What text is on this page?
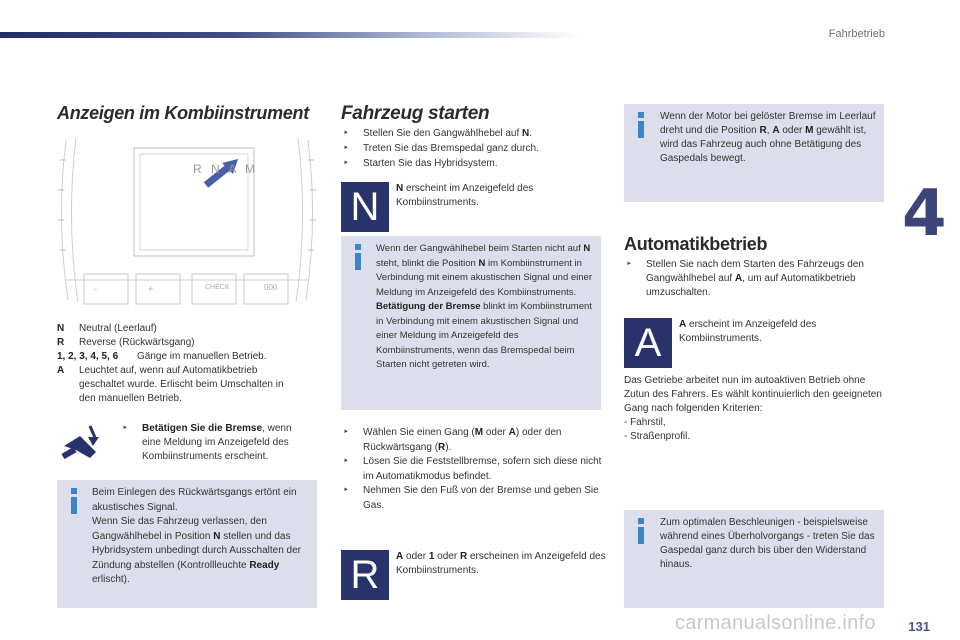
Fahrbetrieb
4
Anzeigen im Kombiinstrument
R N A M
-	+	CHECK	000
N Neutral (Leerlauf)
R Reverse (Rückwärtsgang)
1, 2, 3, 4, 5, 6 Gänge im manuellen Betrieb.
A	Leuchtet auf, wenn auf Automatikbetrieb geschaltet wurde. Erlischt beim Umschalten in den manuellen Betrieb.
‣ Betätigen Sie die Bremse, wenn eine Meldung im Anzeigefeld des Kombiinstruments erscheint.
Beim Einlegen des Rückwärtsgangs ertönt ein akustisches Signal.
Wenn Sie das Fahrzeug verlassen, den Gangwählhebel in Position N stellen und das Hybridsystem unbedingt durch Ausschalten der Zündung abstellen (Kontrollleuchte Ready erlischt).
Fahrzeug starten
‣ Stellen Sie den Gangwählhebel auf N.
‣ Treten Sie das Bremspedal ganz durch.
‣ Starten Sie das Hybridsystem.
N	N erscheint im Anzeigefeld des Kombiinstruments.
Wenn der Gangwählhebel beim Starten nicht auf N steht, blinkt die Position N im Kombiinstrument in Verbindung mit einem akustischen Signal und einer Meldung im Anzeigefeld des Kombiinstruments.
Betätigung der Bremse blinkt im Kombiinstrument in Verbindung mit einem akustischen Signal und einer Meldung im Anzeigefeld des Kombiinstruments, wenn das Bremspedal beim Starten nicht getreten wird.
‣ Wählen Sie einen Gang (M oder A) oder den Rückwärtsgang (R).
‣ Lösen Sie die Feststellbremse, sofern sich diese nicht im Automatikmodus befindet.
‣ Nehmen Sie den Fuß von der Bremse und geben Sie Gas.
R	A oder 1 oder R erscheinen im Anzeigefeld des Kombiinstruments.
Wenn der Motor bei gelöster Bremse im Leerlauf dreht und die Position R, A oder M gewählt ist, wird das Fahrzeug auch ohne Betätigung des Gaspedals bewegt.
Automatikbetrieb
‣ Stellen Sie nach dem Starten des Fahrzeugs den Gangwählhebel auf A, um auf Automatikbetrieb umzuschalten.
A	A erscheint im Anzeigefeld des Kombiinstruments.
Das Getriebe arbeitet nun im autoaktiven Betrieb ohne Zutun des Fahrers. Es wählt kontinuierlich den geeigneten Gang nach folgenden Kriterien:
- Fahrstil,
- Straßenprofil.
Zum optimalen Beschleunigen - beispielsweise während eines Überholvorgangs - treten Sie das Gaspedal ganz durch bis über den Widerstand hinaus.
131
carmanualsonline.info
